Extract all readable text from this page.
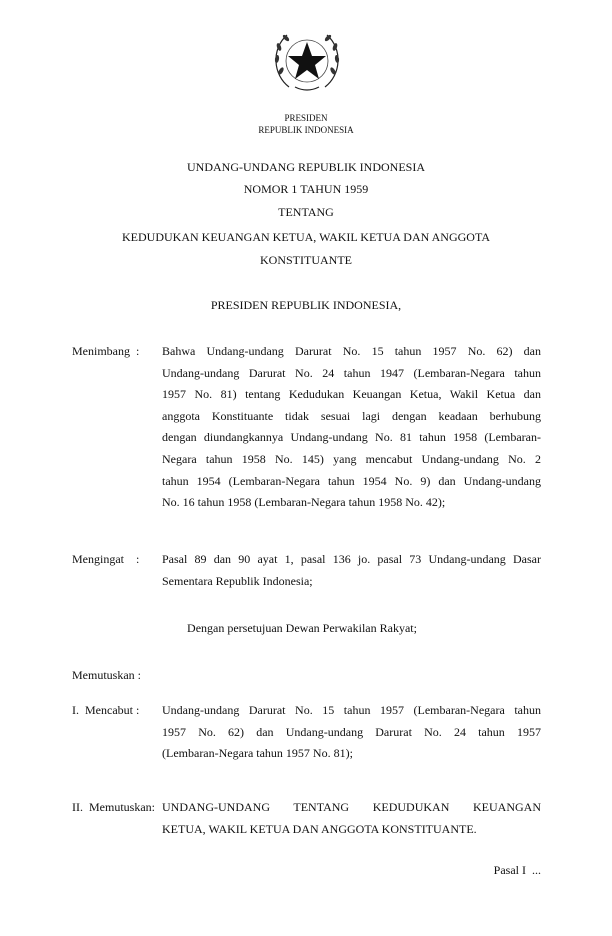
PRESIDEN
REPUBLIK INDONESIA
UNDANG-UNDANG REPUBLIK INDONESIA
NOMOR 1 TAHUN 1959
TENTANG
KEDUDUKAN KEUANGAN KETUA, WAKIL KETUA DAN ANGGOTA
KONSTITUANTE
PRESIDEN REPUBLIK INDONESIA,
Menimbang  : Bahwa Undang-undang Darurat No. 15 tahun 1957 No. 62) dan
Undang-undang Darurat No. 24 tahun 1947 (Lembaran-Negara tahun
1957 No. 81) tentang Kedudukan Keuangan Ketua, Wakil Ketua dan
anggota Konstituante tidak sesuai lagi dengan keadaan berhubung
dengan diundangkannya Undang-undang No. 81 tahun 1958 (Lembaran-
Negara tahun 1958 No. 145) yang mencabut Undang-undang No. 2
tahun 1954 (Lembaran-Negara tahun 1954 No. 9) dan Undang-undang
No. 16 tahun 1958 (Lembaran-Negara tahun 1958 No. 42);
Mengingat    : Pasal 89 dan 90 ayat 1, pasal 136 jo. pasal 73 Undang-undang Dasar
Sementara Republik Indonesia;
Dengan persetujuan Dewan Perwakilan Rakyat;
Memutuskan :
I.  Mencabut : Undang-undang Darurat No. 15 tahun 1957 (Lembaran-Negara tahun
1957 No. 62) dan Undang-undang Darurat No. 24 tahun 1957
(Lembaran-Negara tahun 1957 No. 81);
II.  Memutuskan: UNDANG-UNDANG TENTANG KEDUDUKAN KEUANGAN
KETUA, WAKIL KETUA DAN ANGGOTA KONSTITUANTE.
Pasal I  ...
